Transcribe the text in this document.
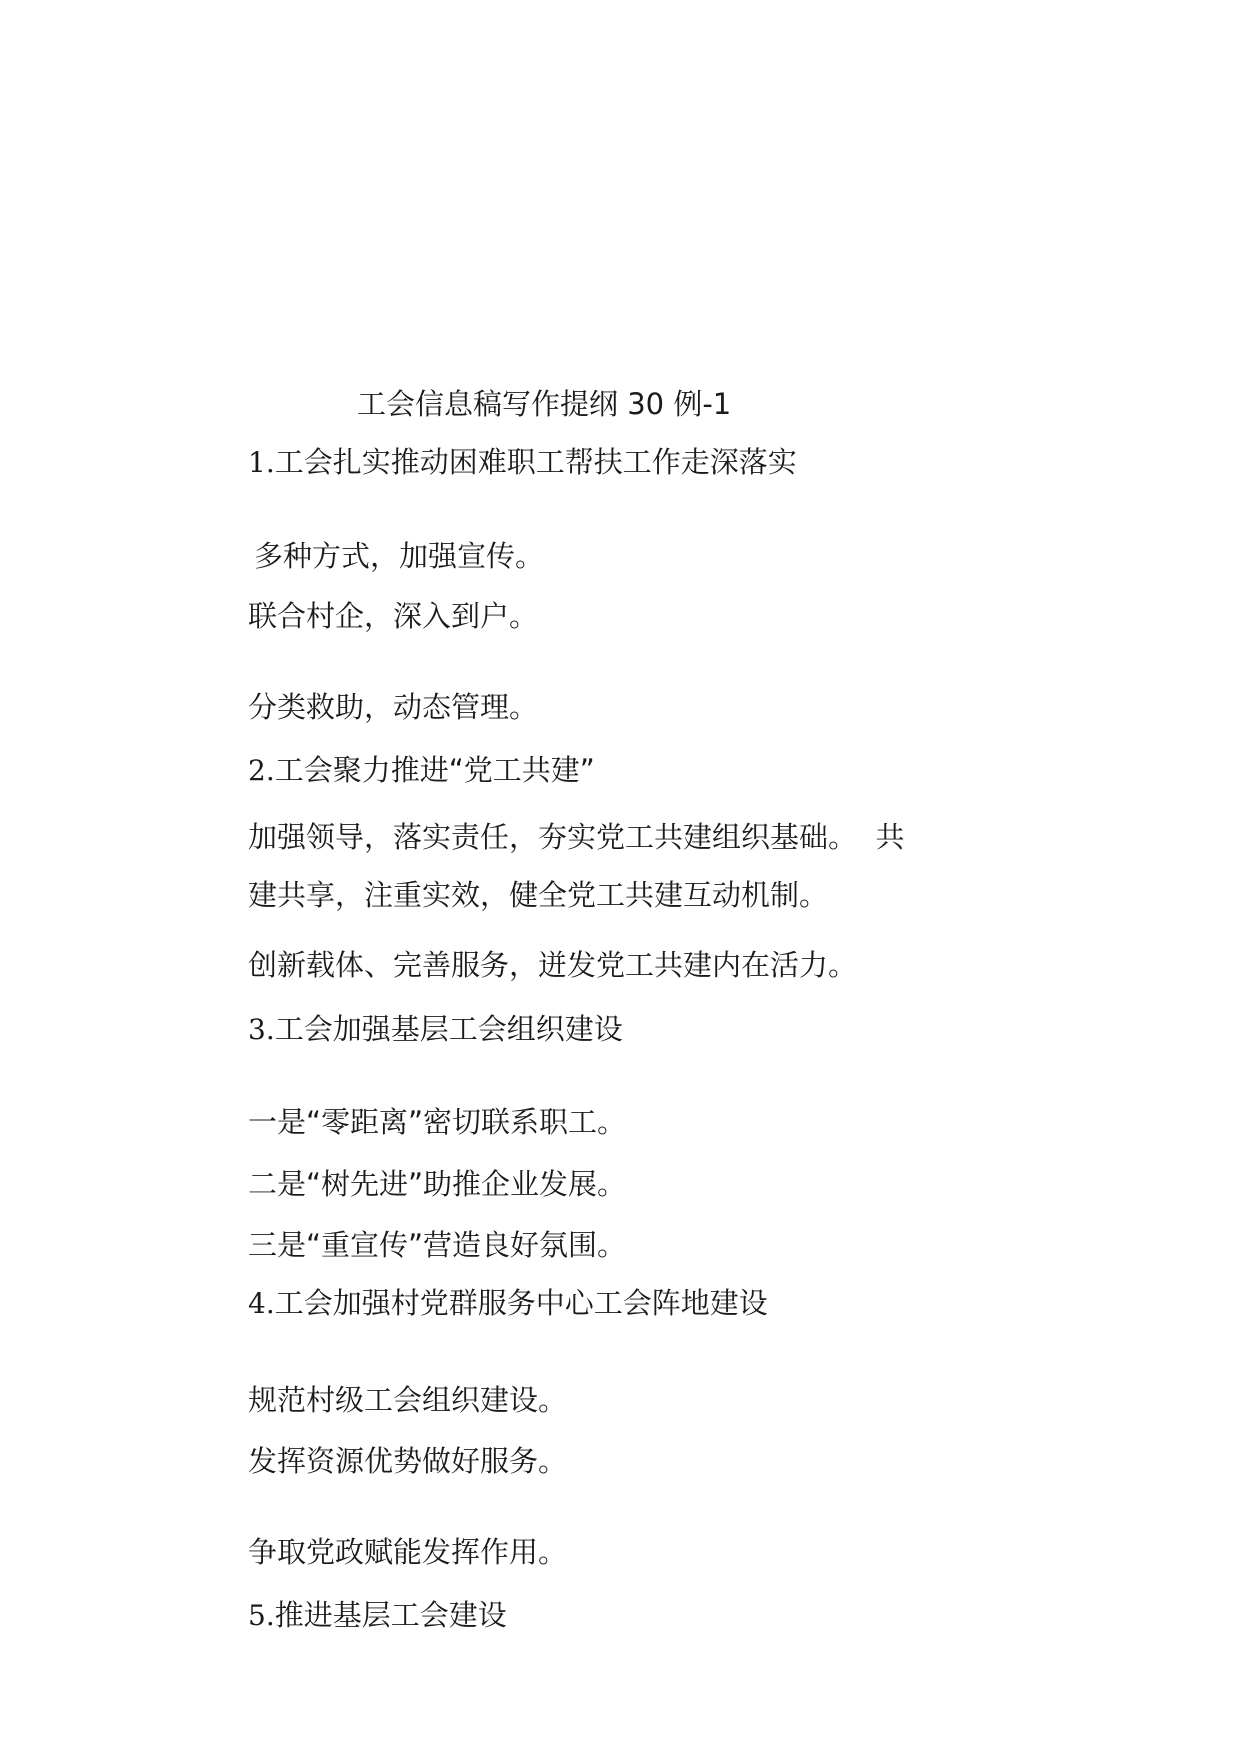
工会信息稿写作提纲 30 例-1
1.工会扎实推动困难职工帮扶工作走深落实
多种方式，加强宣传。
联合村企，深入到户。
分类救助，动态管理。
2.工会聚力推进“党工共建”
加强领导，落实责任，夯实党工共建组织基础。  共
建共享，注重实效，健全党工共建互动机制。
创新载体、完善服务，迸发党工共建内在活力。
3.工会加强基层工会组织建设
一是“零距离”密切联系职工。
二是“树先进”助推企业发展。
三是“重宣传”营造良好氛围。
4.工会加强村党群服务中心工会阵地建设
规范村级工会组织建设。
发挥资源优势做好服务。
争取党政赋能发挥作用。
5.推进基层工会建设
